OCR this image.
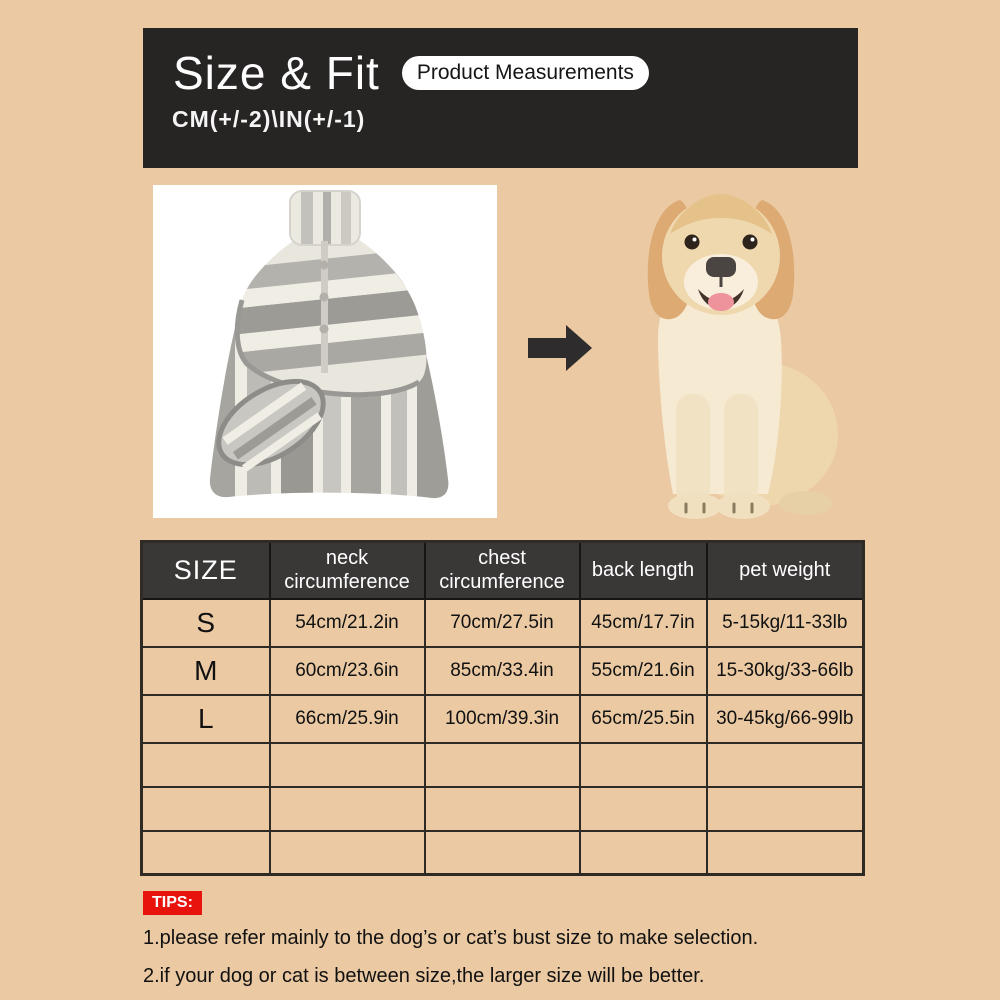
Size & Fit	Product Measurements
CM(+/-2)\IN(+/-1)
SIZE	neck circumference	chest circumference	back length	pet weight
S	54cm/21.2in	70cm/27.5in	45cm/17.7in	5-15kg/11-33lb
M	60cm/23.6in	85cm/33.4in	55cm/21.6in	15-30kg/33-66lb
L	66cm/25.9in	100cm/39.3in	65cm/25.5in	30-45kg/66-99lb

TIPS:
1.please refer mainly to the dog’s or cat’s bust size to make selection.
2.if your dog or cat is between size,the larger size will be better.
